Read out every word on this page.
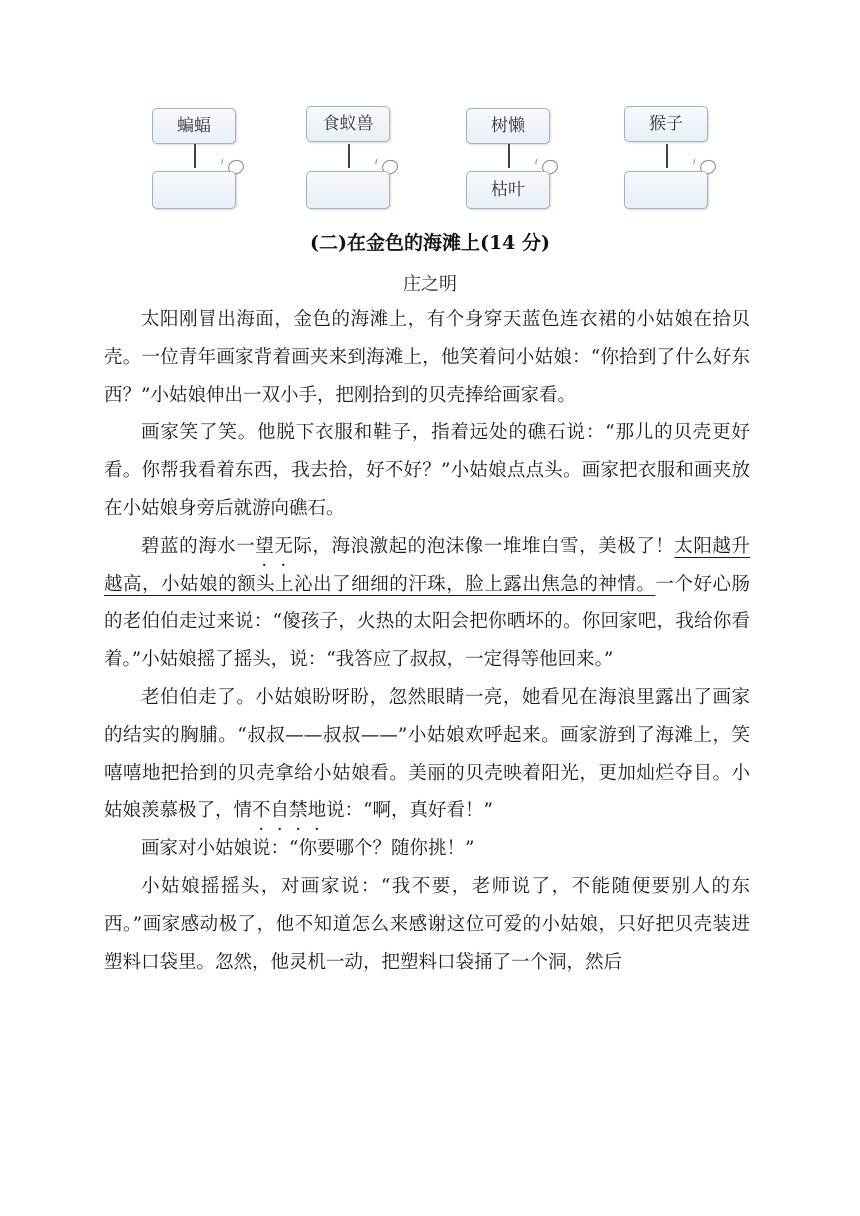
蝙蝠	食蚁兽	树懒
枯叶
猴子
(二)在金色的海滩上(14 分)
庄之明

太阳刚冒出海面，金色的海滩上，有个身穿天蓝色连衣裙的小姑娘在拾贝壳。一位青年画家背着画夹来到海滩上，他笑着问小姑娘：“你拾到了什么好东西？”小姑娘伸出一双小手，把刚拾到的贝壳捧给画家看。

画家笑了笑。他脱下衣服和鞋子，指着远处的礁石说：“那儿的贝壳更好看。你帮我看着东西，我去拾，好不好？”小姑娘点点头。画家把衣服和画夹放在小姑娘身旁后就游向礁石。

碧蓝的海水一望无际，海浪激起的泡沫像一堆堆白雪，美极了！太阳越升越高，小姑娘的额头上沁出了细细的汗珠，脸上露出焦急的神情。一个好心肠的老伯伯走过来说：“傻孩子，火热的太阳会把你晒坏的。你回家吧，我给你看着。”小姑娘摇了摇头，说：“我答应了叔叔，一定得等他回来。”

老伯伯走了。小姑娘盼呀盼，忽然眼睛一亮，她看见在海浪里露出了画家的结实的胸脯。“叔叔——叔叔——”小姑娘欢呼起来。画家游到了海滩上，笑嘻嘻地把拾到的贝壳拿给小姑娘看。美丽的贝壳映着阳光，更加灿烂夺目。小姑娘羡慕极了，情不自禁地说：“啊，真好看！”

画家对小姑娘说：“你要哪个？随你挑！”

小姑娘摇摇头，对画家说：“我不要，老师说了，不能随便要别人的东西。”画家感动极了，他不知道怎么来感谢这位可爱的小姑娘，只好把贝壳装进塑料口袋里。忽然，他灵机一动，把塑料口袋捅了一个洞，然后
